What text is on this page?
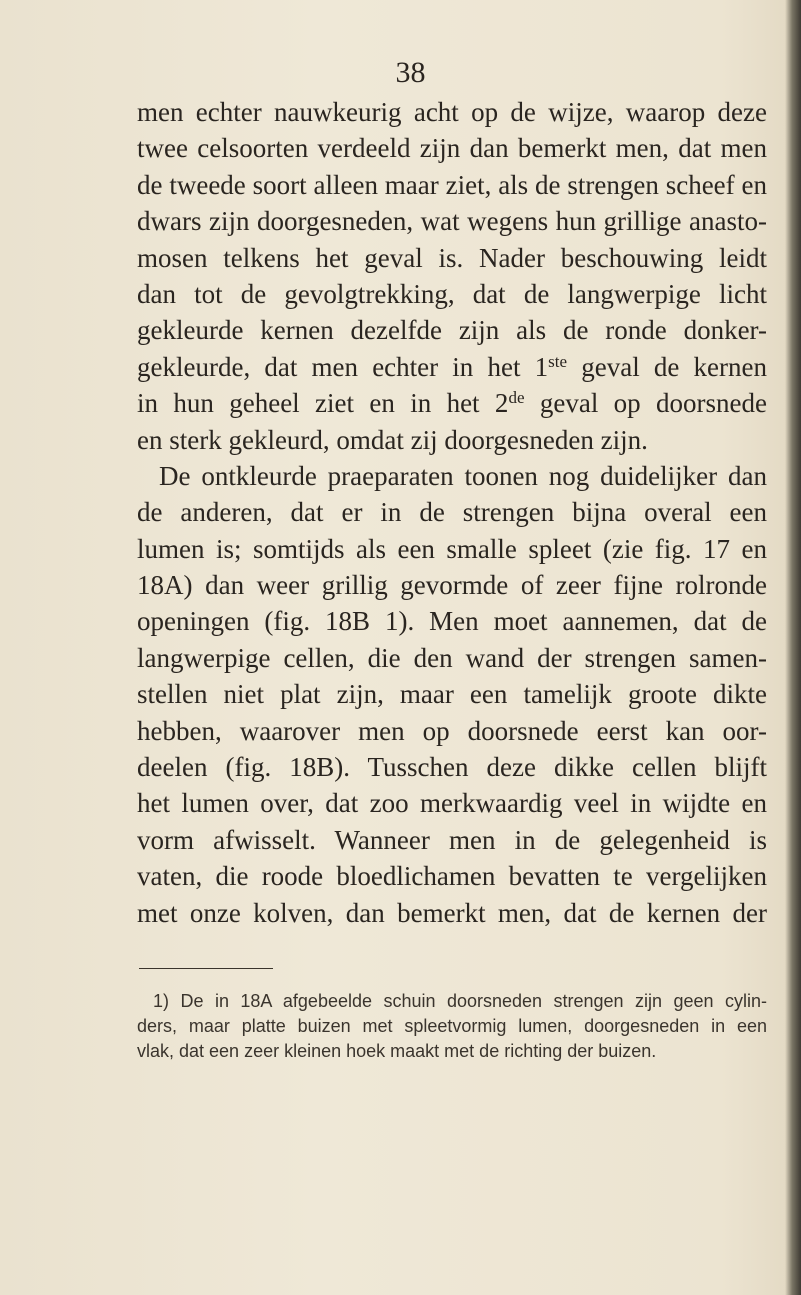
38
men echter nauwkeurig acht op de wijze, waarop deze
twee celsoorten verdeeld zijn dan bemerkt men, dat men
de tweede soort alleen maar ziet, als de strengen scheef en
dwars zijn doorgesneden, wat wegens hun grillige anasto-
mosen telkens het geval is. Nader beschouwing leidt
dan tot de gevolgtrekking, dat de langwerpige licht
gekleurde kernen dezelfde zijn als de ronde donker-
gekleurde, dat men echter in het 1ste geval de kernen
in hun geheel ziet en in het 2de geval op doorsnede
en sterk gekleurd, omdat zij doorgesneden zijn.
De ontkleurde praeparaten toonen nog duidelijker dan
de anderen, dat er in de strengen bijna overal een
lumen is; somtijds als een smalle spleet (zie fig. 17 en
18A) dan weer grillig gevormde of zeer fijne rolronde
openingen (fig. 18B 1). Men moet aannemen, dat de
langwerpige cellen, die den wand der strengen samen-
stellen niet plat zijn, maar een tamelijk groote dikte
hebben, waarover men op doorsnede eerst kan oor-
deelen (fig. 18B). Tusschen deze dikke cellen blijft
het lumen over, dat zoo merkwaardig veel in wijdte en
vorm afwisselt. Wanneer men in de gelegenheid is
vaten, die roode bloedlichamen bevatten te vergelijken
met onze kolven, dan bemerkt men, dat de kernen der
1) De in 18A afgebeelde schuin doorsneden strengen zijn geen cylin-
ders, maar platte buizen met spleetvormig lumen, doorgesneden in een
vlak, dat een zeer kleinen hoek maakt met de richting der buizen.
